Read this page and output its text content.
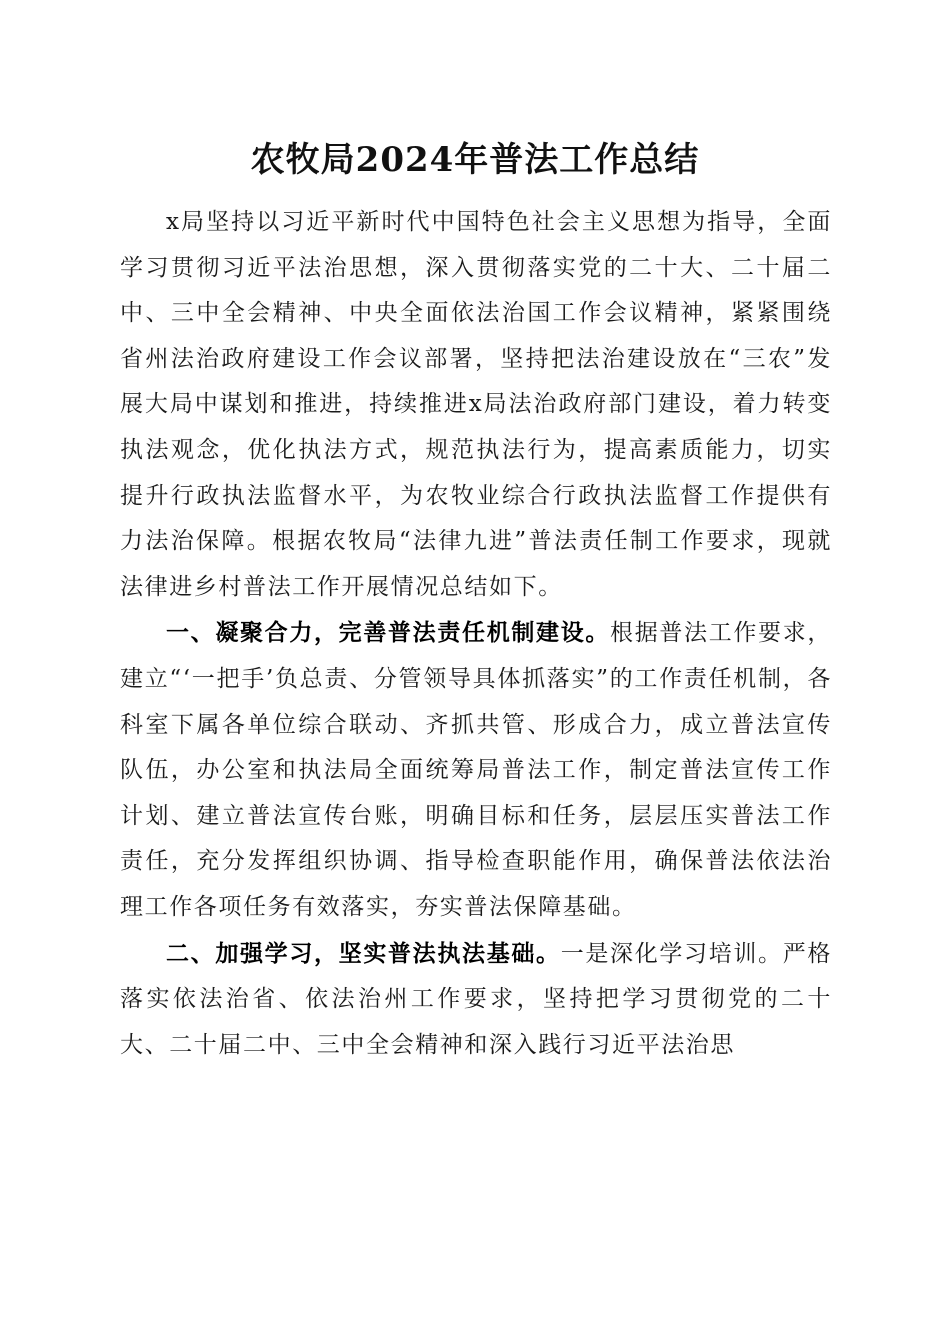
农牧局2024年普法工作总结

x局坚持以习近平新时代中国特色社会主义思想为指导，全面学习贯彻习近平法治思想，深入贯彻落实党的二十大、二十届二中、三中全会精神、中央全面依法治国工作会议精神，紧紧围绕省州法治政府建设工作会议部署，坚持把法治建设放在“三农”发展大局中谋划和推进，持续推进x局法治政府部门建设，着力转变执法观念，优化执法方式，规范执法行为，提高素质能力，切实提升行政执法监督水平，为农牧业综合行政执法监督工作提供有力法治保障。根据农牧局“法律九进”普法责任制工作要求，现就法律进乡村普法工作开展情况总结如下。

一、凝聚合力，完善普法责任机制建设。根据普法工作要求，建立“‘一把手’负总责、分管领导具体抓落实”的工作责任机制，各科室下属各单位综合联动、齐抓共管、形成合力，成立普法宣传队伍，办公室和执法局全面统筹局普法工作，制定普法宣传工作计划、建立普法宣传台账，明确目标和任务，层层压实普法工作责任，充分发挥组织协调、指导检查职能作用，确保普法依法治理工作各项任务有效落实，夯实普法保障基础。

二、加强学习，坚实普法执法基础。一是深化学习培训。严格落实依法治省、依法治州工作要求，坚持把学习贯彻党的二十大、二十届二中、三中全会精神和深入践行习近平法治思
